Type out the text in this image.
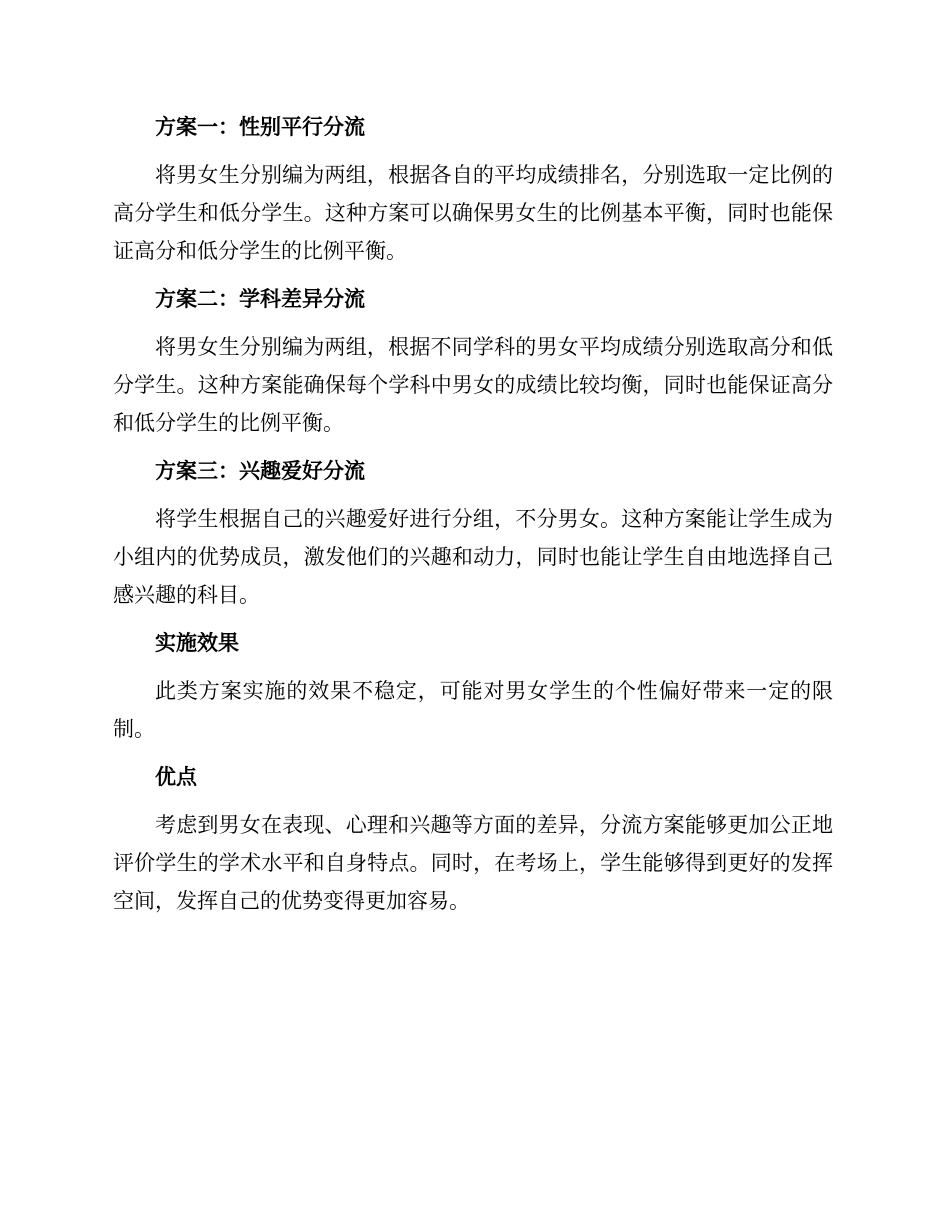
方案一：性别平行分流
将男女生分别编为两组，根据各自的平均成绩排名，分别选取一定比例的高分学生和低分学生。这种方案可以确保男女生的比例基本平衡，同时也能保证高分和低分学生的比例平衡。
方案二：学科差异分流
将男女生分别编为两组，根据不同学科的男女平均成绩分别选取高分和低分学生。这种方案能确保每个学科中男女的成绩比较均衡，同时也能保证高分和低分学生的比例平衡。
方案三：兴趣爱好分流
将学生根据自己的兴趣爱好进行分组，不分男女。这种方案能让学生成为小组内的优势成员，激发他们的兴趣和动力，同时也能让学生自由地选择自己感兴趣的科目。
实施效果
此类方案实施的效果不稳定，可能对男女学生的个性偏好带来一定的限制。
优点
考虑到男女在表现、心理和兴趣等方面的差异，分流方案能够更加公正地评价学生的学术水平和自身特点。同时，在考场上，学生能够得到更好的发挥空间，发挥自己的优势变得更加容易。
